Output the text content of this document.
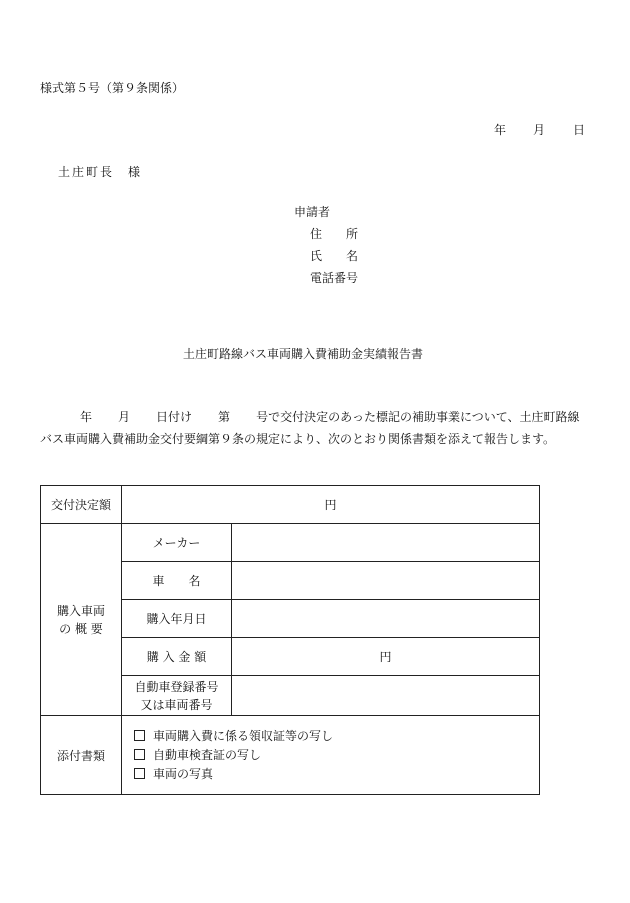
様式第５号（第９条関係）
年 月 日
土庄町長　様
申請者
住　　所
氏　　名
電話番号
土庄町路線バス車両購入費補助金実績報告書
年 月 日付け 第 号で交付決定のあった標記の補助事業について、土庄町路線バス車両購入費補助金交付要綱第９条の規定により、次のとおり関係書類を添えて報告します。
交付決定額	円	

購入車両
の 概 要	メーカー	
	車　　名	
	購入年月日	
	購 入 金 額	円

	自動車登録番号
又は車両番号	

添付書類	車両購入費に係る領収証等の写し
自動車検査証の写し
車両の写真	
